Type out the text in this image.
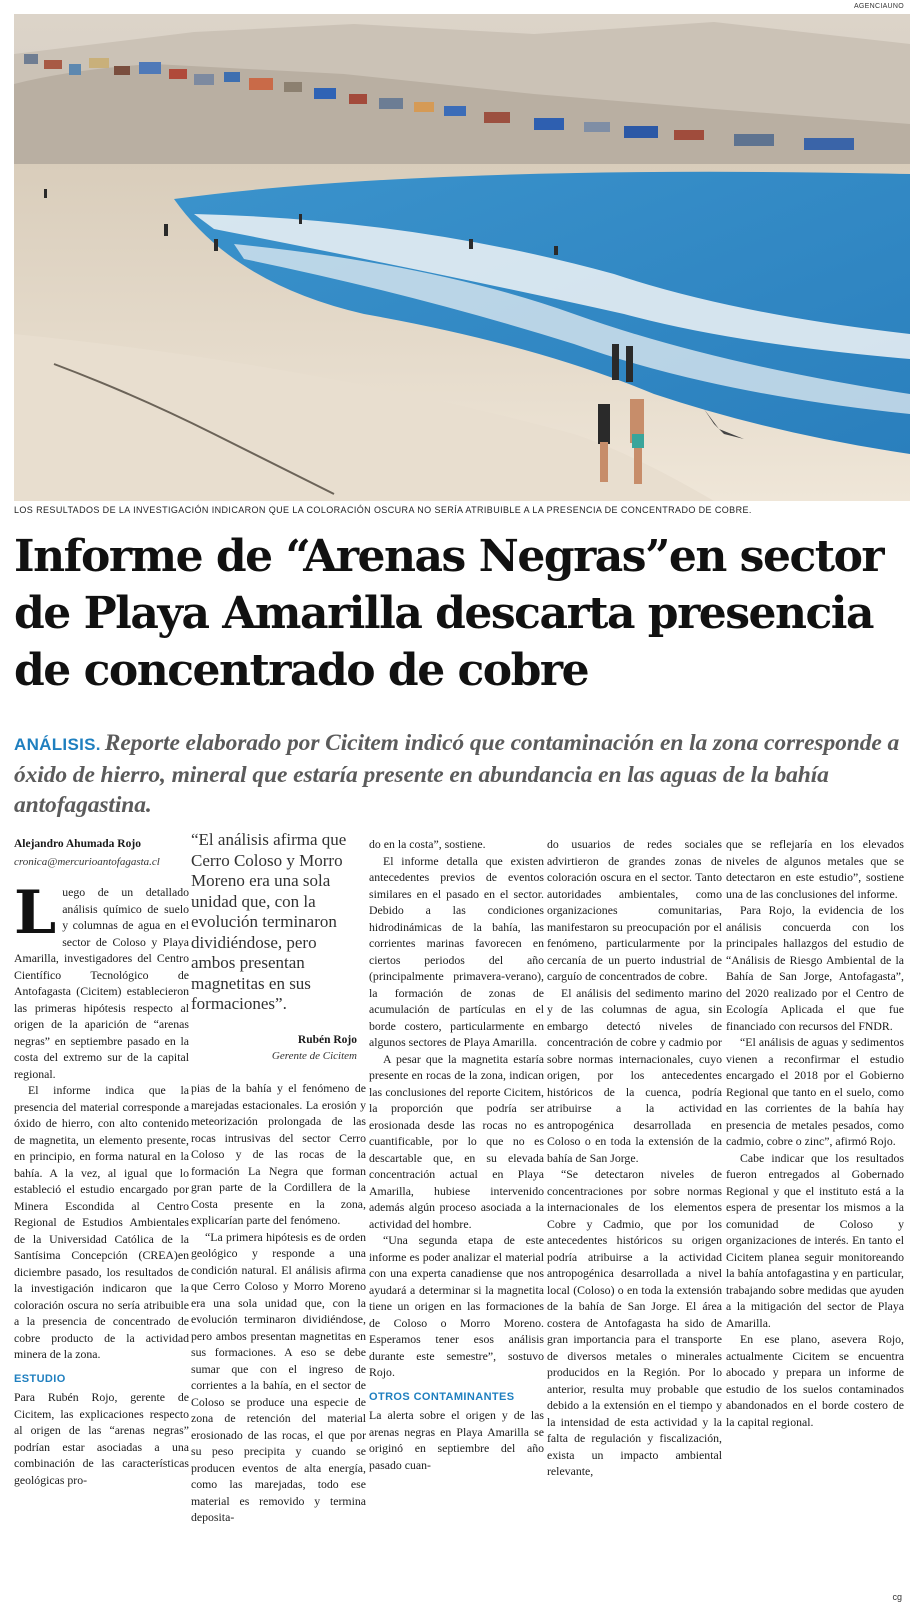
AGENCIAUNO
LOS RESULTADOS DE LA INVESTIGACIÓN INDICARON QUE LA COLORACIÓN OSCURA NO SERÍA ATRIBUIBLE A LA PRESENCIA DE CONCENTRADO DE COBRE.
Informe de “Arenas Negras”en sector
de Playa Amarilla descarta presencia
de concentrado de cobre

ANÁLISIS. Reporte elaborado por Cicitem indicó que contaminación en la zona corresponde a óxido de hierro, mineral que estaría presente en abundancia en las aguas de la bahía antofagastina.

Alejandro Ahumada Rojo
cronica@mercurioantofagasta.cl

Luego de un detallado análisis químico de suelo y columnas de agua en el sector de Coloso y Playa Amarilla, investigadores del Centro Científico Tecnológico de Antofagasta (Cicitem) establecieron las primeras hipótesis respecto al origen de la aparición de “arenas negras” en septiembre pasado en la costa del extremo sur de la capital regional.

El informe indica que la presencia del material corresponde a óxido de hierro, con alto contenido de magnetita, un elemento presente, en principio, en forma natural en la bahía. A la vez, al igual que lo estableció el estudio encargado por Minera Escondida al Centro Regional de Estudios Ambientales de la Universidad Católica de la Santísima Concepción (CREA)en diciembre pasado, los resultados de la investigación indicaron que la coloración oscura no sería atribuible a la presencia de concentrado de cobre producto de la actividad minera de la zona.

ESTUDIO

Para Rubén Rojo, gerente de Cicitem, las explicaciones respecto al origen de las “arenas negras” podrían estar asociadas a una combinación de las características geológicas pro-

“El análisis afirma que Cerro Coloso y Morro Moreno era una sola unidad que, con la evolución terminaron dividiéndose, pero ambos presentan magnetitas en sus formaciones”.
Rubén Rojo
Gerente de Cicitem

pias de la bahía y el fenómeno de marejadas estacionales. La erosión y meteorización prolongada de las rocas intrusivas del sector Cerro Coloso y de las rocas de la formación La Negra que forman gran parte de la Cordillera de la Costa presente en la zona, explicarían parte del fenómeno.

“La primera hipótesis es de orden geológico y responde a una condición natural. El análisis afirma que Cerro Coloso y Morro Moreno era una sola unidad que, con la evolución terminaron dividiéndose, pero ambos presentan magnetitas en sus formaciones. A eso se debe sumar que con el ingreso de corrientes a la bahía, en el sector de Coloso se produce una especie de zona de retención del material erosionado de las rocas, el que por su peso precipita y cuando se producen eventos de alta energía, como las marejadas, todo ese material es removido y termina deposita-

do en la costa”, sostiene.

El informe detalla que existen antecedentes previos de eventos similares en el pasado en el sector. Debido a las condiciones hidrodinámicas de la bahía, las corrientes marinas favorecen en ciertos periodos del año (principalmente primavera-verano), la formación de zonas de acumulación de partículas en el borde costero, particularmente en algunos sectores de Playa Amarilla.

A pesar que la magnetita estaría presente en rocas de la zona, indican las conclusiones del reporte Cicitem, la proporción que podría ser erosionada desde las rocas no es cuantificable, por lo que no es descartable que, en su elevada concentración actual en Playa Amarilla, hubiese intervenido además algún proceso asociada a la actividad del hombre.

“Una segunda etapa de este informe es poder analizar el material con una experta canadiense que nos ayudará a determinar si la magnetita tiene un origen en las formaciones de Coloso o Morro Moreno. Esperamos tener esos análisis durante este semestre”, sostuvo Rojo.

OTROS CONTAMINANTES

La alerta sobre el origen y de las arenas negras en Playa Amarilla se originó en septiembre del año pasado cuan-

do usuarios de redes sociales advirtieron de grandes zonas de coloración oscura en el sector. Tanto autoridades ambientales, como organizaciones comunitarias, manifestaron su preocupación por el fenómeno, particularmente por la cercanía de un puerto industrial de carguío de concentrados de cobre.

El análisis del sedimento marino y de las columnas de agua, sin embargo detectó niveles de concentración de cobre y cadmio por sobre normas internacionales, cuyo origen, por los antecedentes históricos de la cuenca, podría atribuirse a la actividad antropogénica desarrollada en Coloso o en toda la extensión de la bahía de San Jorge.

“Se detectaron niveles de concentraciones por sobre normas internacionales de los elementos Cobre y Cadmio, que por los antecedentes históricos su origen podría atribuirse a la actividad antropogénica desarrollada a nivel local (Coloso) o en toda la extensión de la bahía de San Jorge. El área costera de Antofagasta ha sido de gran importancia para el transporte de diversos metales o minerales producidos en la Región. Por lo anterior, resulta muy probable que debido a la extensión en el tiempo y la intensidad de esta actividad y la falta de regulación y fiscalización, exista un impacto ambiental relevante,

que se reflejaría en los elevados niveles de algunos metales que se detectaron en este estudio”, sostiene una de las conclusiones del informe.

Para Rojo, la evidencia de los análisis concuerda con los principales hallazgos del estudio de “Análisis de Riesgo Ambiental de la Bahía de San Jorge, Antofagasta”, del 2020 realizado por el Centro de Ecología Aplicada el que fue financiado con recursos del FNDR.

“El análisis de aguas y sedimentos vienen a reconfirmar el estudio encargado el 2018 por el Gobierno Regional que tanto en el suelo, como en las corrientes de la bahía hay presencia de metales pesados, como cadmio, cobre o zinc”, afirmó Rojo.

Cabe indicar que los resultados fueron entregados al Gobernado Regional y que el instituto está a la espera de presentar los mismos a la comunidad de Coloso y organizaciones de interés. En tanto el Cicitem planea seguir monitoreando la bahía antofagastina y en particular, trabajando sobre medidas que ayuden a la mitigación del sector de Playa Amarilla.

En ese plano, asevera Rojo, actualmente Cicitem se encuentra abocado y prepara un informe de estudio de los suelos contaminados abandonados en el borde costero de la capital regional.

cg
